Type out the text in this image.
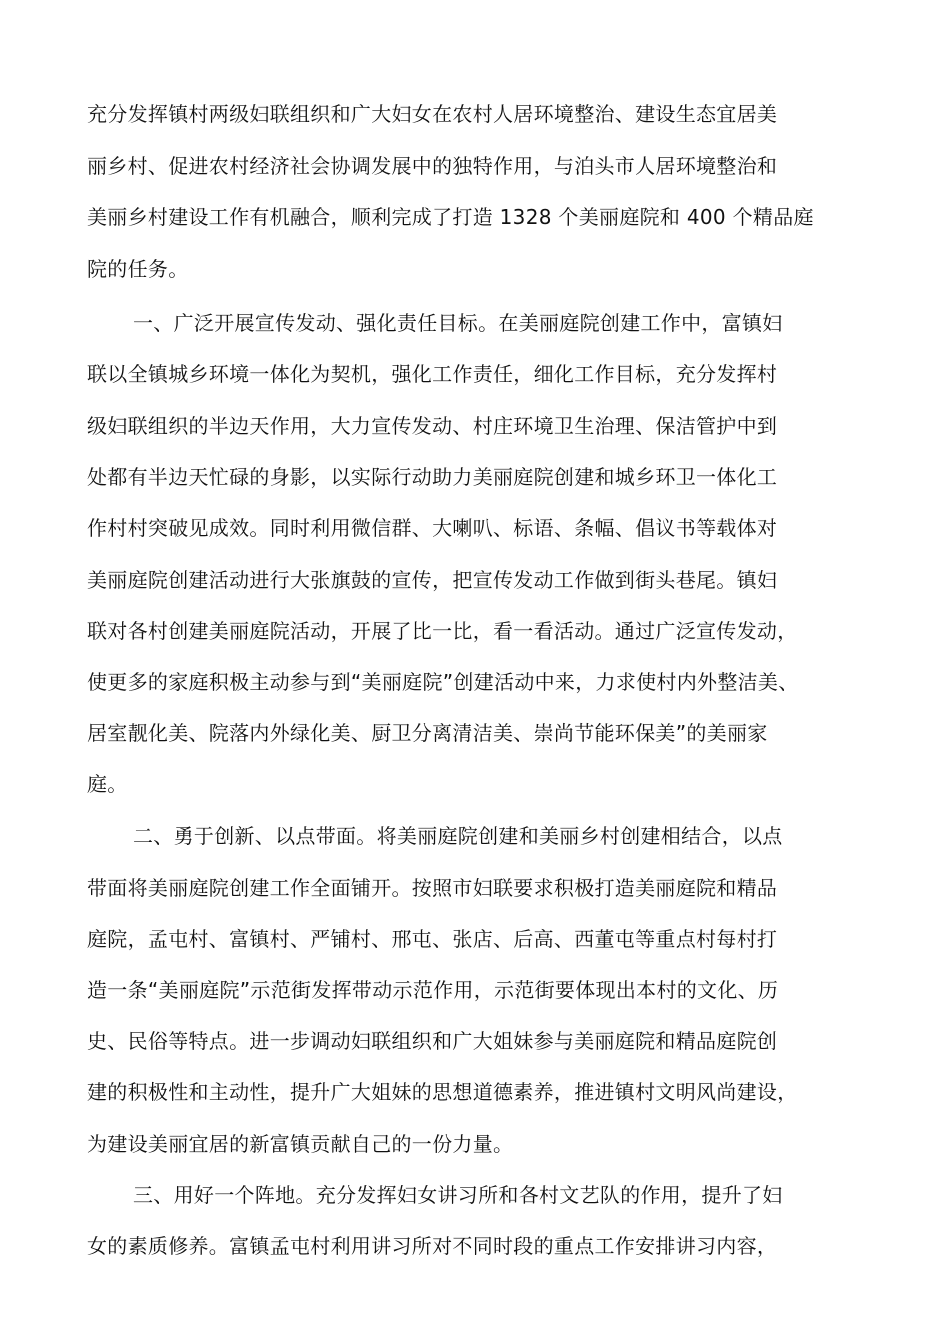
充分发挥镇村两级妇联组织和广大妇女在农村人居环境整治、建设生态宜居美
丽乡村、促进农村经济社会协调发展中的独特作用，与泊头市人居环境整治和
美丽乡村建设工作有机融合，顺利完成了打造 1328 个美丽庭院和 400 个精品庭
院的任务。
一、广泛开展宣传发动、强化责任目标。在美丽庭院创建工作中，富镇妇
联以全镇城乡环境一体化为契机，强化工作责任，细化工作目标，充分发挥村
级妇联组织的半边天作用，大力宣传发动、村庄环境卫生治理、保洁管护中到
处都有半边天忙碌的身影，以实际行动助力美丽庭院创建和城乡环卫一体化工
作村村突破见成效。同时利用微信群、大喇叭、标语、条幅、倡议书等载体对
美丽庭院创建活动进行大张旗鼓的宣传，把宣传发动工作做到街头巷尾。镇妇
联对各村创建美丽庭院活动，开展了比一比，看一看活动。通过广泛宣传发动，
使更多的家庭积极主动参与到“美丽庭院”创建活动中来，力求使村内外整洁美、
居室靓化美、院落内外绿化美、厨卫分离清洁美、崇尚节能环保美”的美丽家
庭。
二、勇于创新、以点带面。将美丽庭院创建和美丽乡村创建相结合，以点
带面将美丽庭院创建工作全面铺开。按照市妇联要求积极打造美丽庭院和精品
庭院，孟屯村、富镇村、严铺村、邢屯、张店、后高、西董屯等重点村每村打
造一条“美丽庭院”示范街发挥带动示范作用，示范街要体现出本村的文化、历
史、民俗等特点。进一步调动妇联组织和广大姐妹参与美丽庭院和精品庭院创
建的积极性和主动性，提升广大姐妹的思想道德素养，推进镇村文明风尚建设，
为建设美丽宜居的新富镇贡献自己的一份力量。
三、用好一个阵地。充分发挥妇女讲习所和各村文艺队的作用，提升了妇
女的素质修养。富镇孟屯村利用讲习所对不同时段的重点工作安排讲习内容，
